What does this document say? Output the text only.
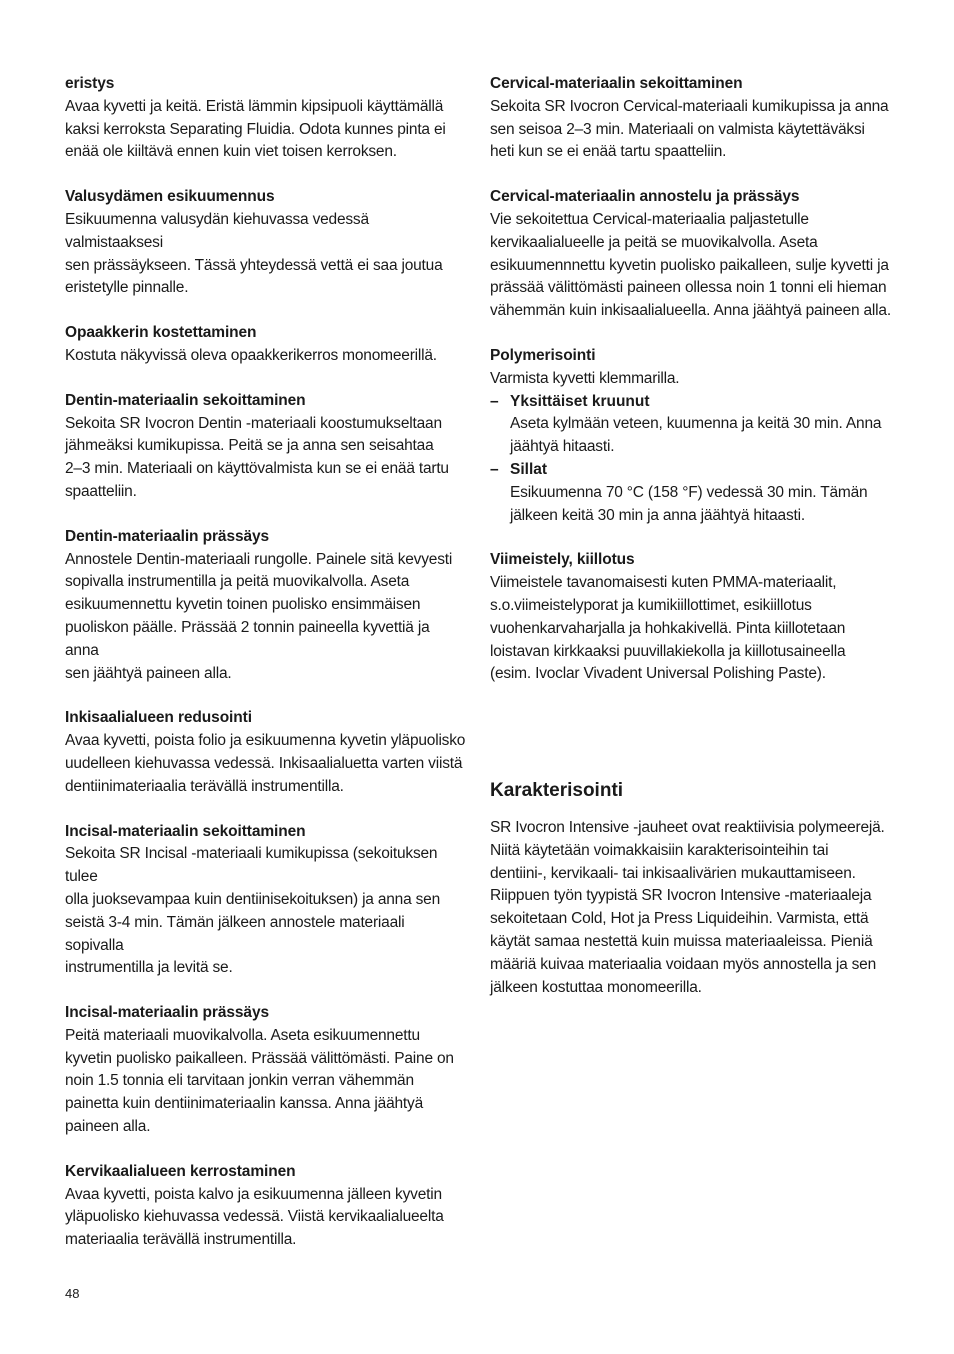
eristys

Avaa kyvetti ja keitä. Eristä lämmin kipsipuoli käyttämällä
kaksi kerroksta Separating Fluidia. Odota kunnes pinta ei
enää ole kiiltävä ennen kuin viet toisen kerroksen.

Valusydämen esikuumennus

Esikuumenna valusydän kiehuvassa vedessä valmistaaksesi
sen prässäykseen. Tässä yhteydessä vettä ei saa joutua
eristetylle pinnalle.

Opaakkerin kostettaminen

Kostuta näkyvissä oleva opaakkerikerros monomeerillä.

Dentin-materiaalin sekoittaminen

Sekoita SR Ivocron Dentin -materiaali koostumukseltaan
jähmeäksi kumikupissa. Peitä se ja anna sen seisahtaa
2–3 min. Materiaali on käyttövalmista kun se ei enää tartu
spaatteliin.

Dentin-materiaalin prässäys

Annostele Dentin-materiaali rungolle. Painele sitä kevyesti
sopivalla instrumentilla ja peitä muovikalvolla. Aseta
esikuumennettu kyvetin toinen puolisko ensimmäisen
puoliskon päälle. Prässää 2 tonnin paineella kyvettiä ja anna
sen jäähtyä paineen alla.

Inkisaalialueen redusointi

Avaa kyvetti, poista folio ja esikuumenna kyvetin yläpuolisko
uudelleen kiehuvassa vedessä. Inkisaalialuetta varten viistä
dentiinimateriaalia terävällä instrumentilla.

Incisal-materiaalin sekoittaminen

Sekoita SR Incisal -materiaali kumikupissa (sekoituksen tulee
olla juoksevampaa kuin dentiinisekoituksen) ja anna sen
seistä 3-4 min. Tämän jälkeen annostele materiaali sopivalla
instrumentilla ja levitä se.

Incisal-materiaalin prässäys

Peitä materiaali muovikalvolla. Aseta esikuumennettu
kyvetin puolisko paikalleen. Prässää välittömästi. Paine on
noin 1.5 tonnia eli tarvitaan jonkin verran vähemmän
painetta kuin dentiinimateriaalin kanssa. Anna jäähtyä
paineen alla.

Kervikaalialueen kerrostaminen

Avaa kyvetti, poista kalvo ja esikuumenna jälleen kyvetin
yläpuolisko kiehuvassa vedessä. Viistä kervikaalialueelta
materiaalia terävällä instrumentilla.

Cervical-materiaalin sekoittaminen

Sekoita SR Ivocron Cervical-materiaali kumikupissa ja anna
sen seisoa 2–3 min. Materiaali on valmista käytettäväksi
heti kun se ei enää tartu spaatteliin.

Cervical-materiaalin annostelu ja prässäys

Vie sekoitettua Cervical-materiaalia paljastetulle
kervikaalialueelle ja peitä se muovikalvolla. Aseta
esikuumennnettu kyvetin puolisko paikalleen, sulje kyvetti ja
prässää välittömästi paineen ollessa noin 1 tonni eli hieman
vähemmän kuin inkisaalialueella. Anna jäähtyä paineen alla.

Polymerisointi

Varmista kyvetti klemmarilla.

– Yksittäiset kruunut
Aseta kylmään veteen, kuumenna ja keitä 30 min. Anna
jäähtyä hitaasti.
– Sillat
Esikuumenna 70 °C (158 °F) vedessä 30 min. Tämän
jälkeen keitä 30 min ja anna jäähtyä hitaasti.

Viimeistely, kiillotus

Viimeistele tavanomaisesti kuten PMMA-materiaalit,
s.o.viimeistelyporat ja kumikiillottimet, esikiillotus
vuohenkarvaharjalla ja hohkakivellä. Pinta kiillotetaan
loistavan kirkkaaksi puuvillakiekolla ja kiillotusaineella
(esim. Ivoclar Vivadent Universal Polishing Paste).

Karakterisointi

SR Ivocron Intensive -jauheet ovat reaktiivisia polymeerejä.
Niitä käytetään voimakkaisiin karakterisointeihin tai
dentiini-, kervikaali- tai inkisaalivärien mukauttamiseen.
Riippuen työn tyypistä SR Ivocron Intensive -materiaaleja
sekoitetaan Cold, Hot ja Press Liquideihin. Varmista, että
käytät samaa nestettä kuin muissa materiaaleissa. Pieniä
määriä kuivaa materiaalia voidaan myös annostella ja sen
jälkeen kostuttaa monomeerilla.

48
